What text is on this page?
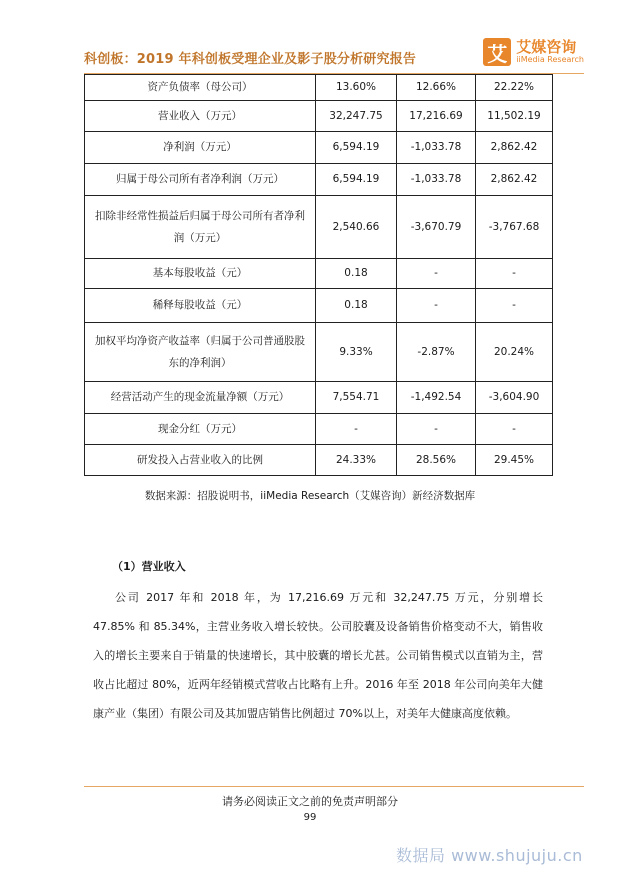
科创板：2019 年科创板受理企业及影子股分析研究报告	艾 艾媒咨询
iiMedia Research
资产负债率（母公司）	13.60%	12.66%	22.22%
营业收入（万元）	32,247.75	17,216.69	11,502.19
净利润（万元）	6,594.19	-1,033.78	2,862.42
归属于母公司所有者净利润（万元）	6,594.19	-1,033.78	2,862.42
扣除非经常性损益后归属于母公司所有者净利润（万元）	2,540.66	-3,670.79	-3,767.68
基本每股收益（元）	0.18	-	-
稀释每股收益（元）	0.18	-	-
加权平均净资产收益率（归属于公司普通股股东的净利润）	9.33%	-2.87%	20.24%
经营活动产生的现金流量净额（万元）	7,554.71	-1,492.54	-3,604.90
现金分红（万元）	-	-	-
研发投入占营业收入的比例	24.33%	28.56%	29.45%
数据来源：招股说明书，iiMedia Research（艾媒咨询）新经济数据库
（1）营业收入

公司 2017 年和 2018 年，为 17,216.69 万元和 32,247.75 万元，分别增长 47.85% 和 85.34%，主营业务收入增长较快。公司胶囊及设备销售价格变动不大，销售收入的增长主要来自于销量的快速增长，其中胶囊的增长尤甚。公司销售模式以直销为主，营收占比超过 80%，近两年经销模式营收占比略有上升。2016 年至 2018 年公司向美年大健康产业（集团）有限公司及其加盟店销售比例超过 70%以上，对美年大健康高度依赖。

请务必阅读正文之前的免责声明部分
99
数据局 www.shujuju.cn
